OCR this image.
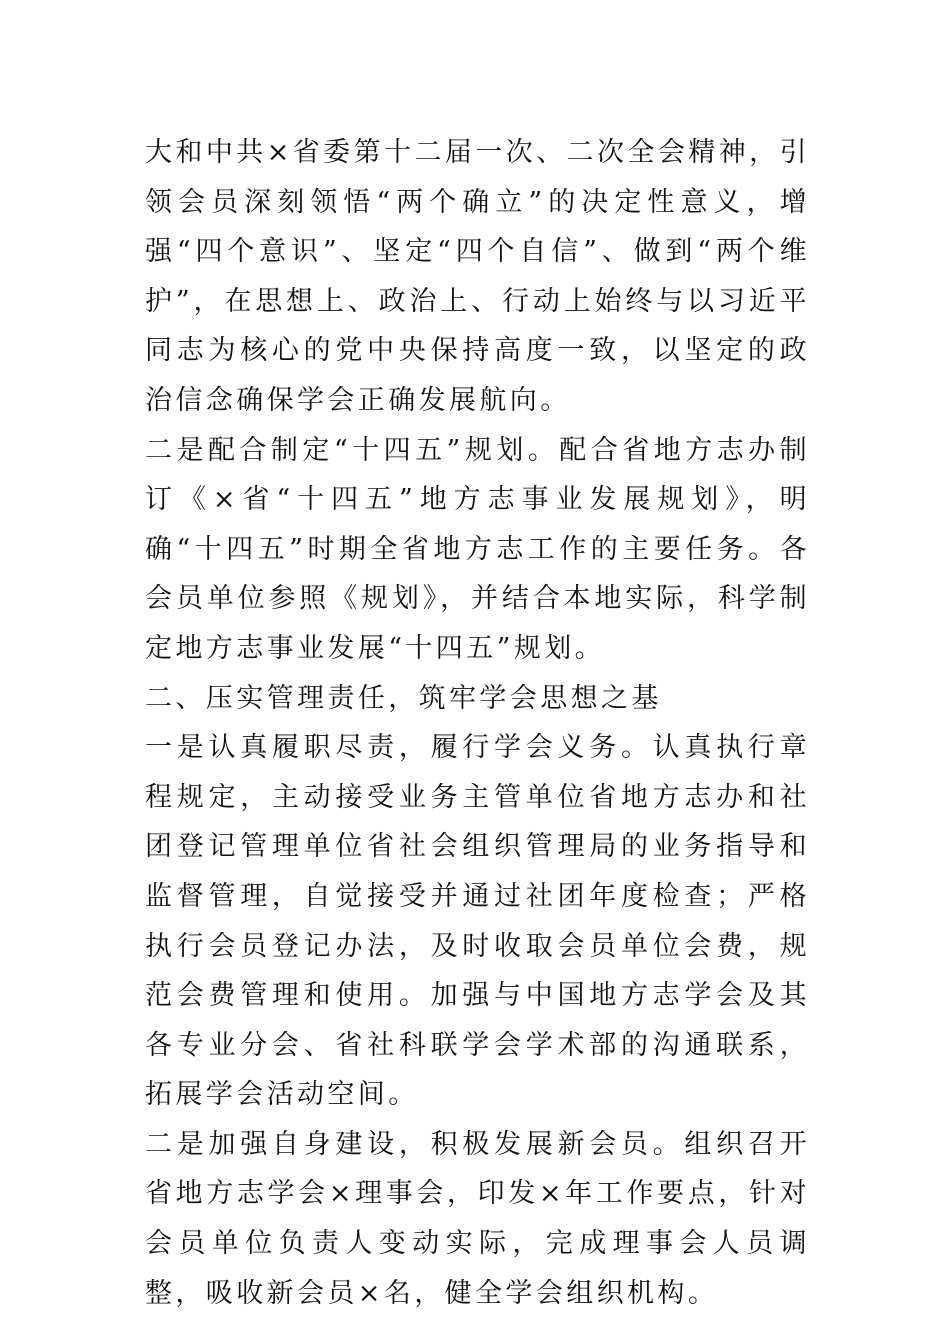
大和中共×省委第十二届一次、二次全会精神，引领会员深刻领悟“两个确立”的决定性意义，增强“四个意识”、坚定“四个自信”、做到“两个维护”，在思想上、政治上、行动上始终与以习近平同志为核心的党中央保持高度一致，以坚定的政治信念确保学会正确发展航向。

二是配合制定“十四五”规划。配合省地方志办制订《×省“十四五”地方志事业发展规划》，明确“十四五”时期全省地方志工作的主要任务。各会员单位参照《规划》，并结合本地实际，科学制定地方志事业发展“十四五”规划。

二、压实管理责任，筑牢学会思想之基

一是认真履职尽责，履行学会义务。认真执行章程规定，主动接受业务主管单位省地方志办和社团登记管理单位省社会组织管理局的业务指导和监督管理，自觉接受并通过社团年度检查；严格执行会员登记办法，及时收取会员单位会费，规范会费管理和使用。加强与中国地方志学会及其各专业分会、省社科联学会学术部的沟通联系，拓展学会活动空间。

二是加强自身建设，积极发展新会员。组织召开省地方志学会×理事会，印发×年工作要点，针对会员单位负责人变动实际，完成理事会人员调整，吸收新会员×名，健全学会组织机构。
